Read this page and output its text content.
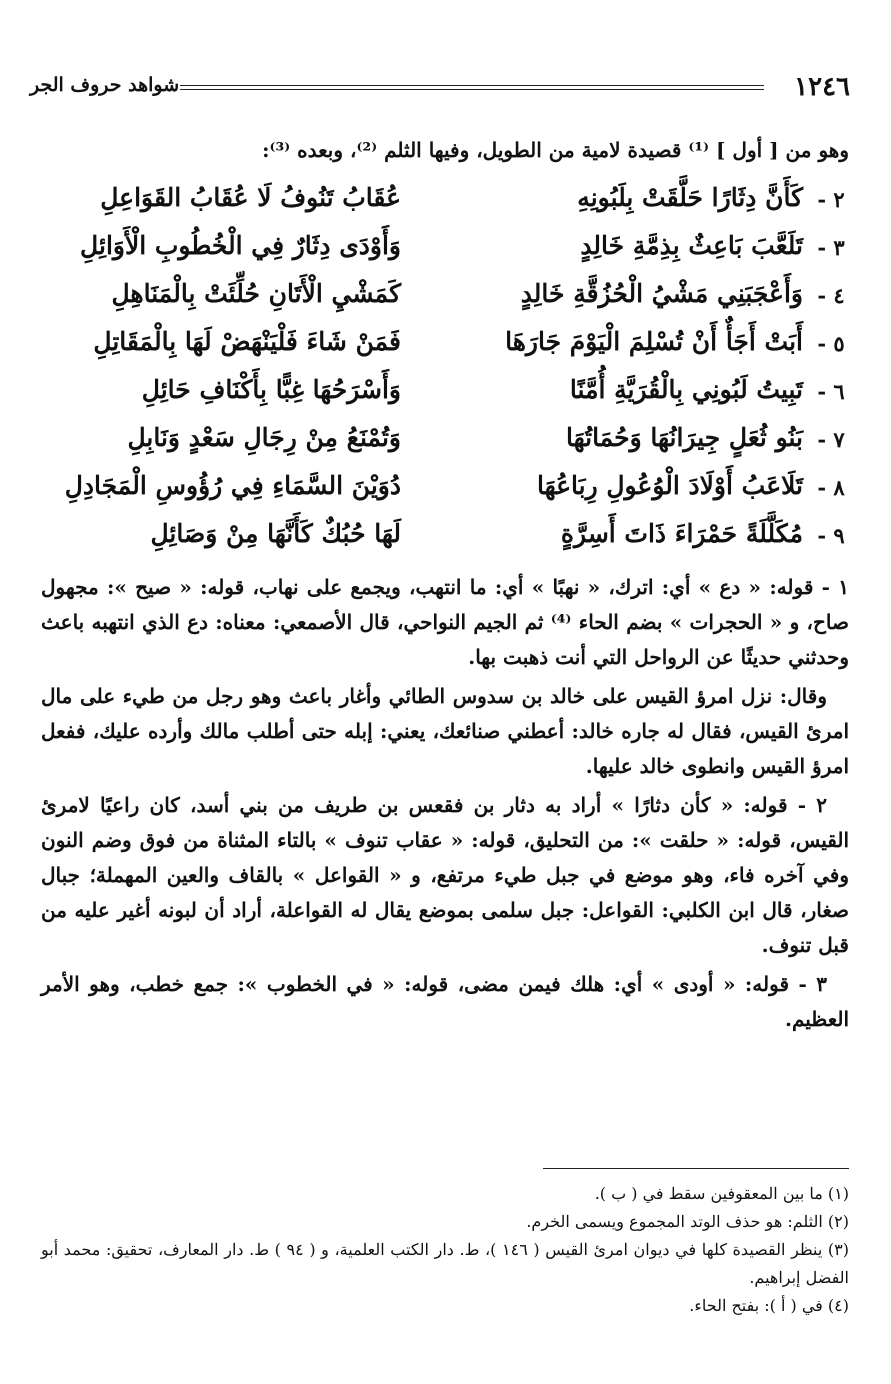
١٢٤٦
شواهد حروف الجر
وهو من [ أول ] ⁽¹⁾ قصيدة لامية من الطويل، وفيها الثلم ⁽²⁾، وبعده ⁽³⁾:
٢ -
كَأَنَّ دِثَارًا حَلَّقَتْ بِلَبُونِهِ
عُقَابُ تَنُوفُ لَا عُقَابُ القَوَاعِلِ
٣ -
تَلَعَّبَ بَاعِثٌ بِذِمَّةِ خَالِدٍ
وَأَوْدَى دِثَارٌ فِي الْخُطُوبِ الْأَوَائِلِ
٤ -
وَأَعْجَبَنِي مَشْيُ الْحُزُقَّةِ خَالِدٍ
كَمَشْيِ الْأَتَانِ حُلِّئَتْ بِالْمَنَاهِلِ
٥ -
أَبَتْ أَجَأٌ أَنْ تُسْلِمَ الْيَوْمَ جَارَهَا
فَمَنْ شَاءَ فَلْيَنْهَضْ لَهَا بِالْمَقَاتِلِ
٦ -
تَبِيتُ لَبُونِي بِالْقُرَيَّةِ أُمَّنًا
وَأَسْرَحُهَا غِبًّا بِأَكْنَافِ حَائِلِ
٧ -
بَنُو ثُعَلٍ جِيرَانُهَا وَحُمَاتُهَا
وَتُمْنَعُ مِنْ رِجَالِ سَعْدٍ وَنَابِلِ
٨ -
تَلَاعَبُ أَوْلَادَ الْوُعُولِ رِبَاعُهَا
دُوَيْنَ السَّمَاءِ فِي رُؤُوسِ الْمَجَادِلِ
٩ -
مُكَلَّلَةً حَمْرَاءَ ذَاتَ أَسِرَّةٍ
لَهَا حُبُكٌ كَأَنَّهَا مِنْ وَصَائِلِ

١ - قوله: « دع » أي: اترك، « نهبًا » أي: ما انتهب، ويجمع على نهاب، قوله: « صيح »: مجهول صاح، و « الحجرات » بضم الحاء ⁽⁴⁾ ثم الجيم النواحي، قال الأصمعي: معناه: دع الذي انتهبه باعث وحدثني حديثًا عن الرواحل التي أنت ذهبت بها.

وقال: نزل امرؤ القيس على خالد بن سدوس الطائي وأغار باعث وهو رجل من طيء على مال امرئ القيس، فقال له جاره خالد: أعطني صنائعك، يعني: إبله حتى أطلب مالك وأرده عليك، ففعل امرؤ القيس وانطوى خالد عليها.

٢ - قوله: « كأن دثارًا » أراد به دثار بن فقعس بن طريف من بني أسد، كان راعيًا لامرئ القيس، قوله: « حلقت »: من التحليق، قوله: « عقاب تنوف » بالتاء المثناة من فوق وضم النون وفي آخره فاء، وهو موضع في جبل طيء مرتفع، و « القواعل » بالقاف والعين المهملة؛ جبال صغار، قال ابن الكلبي: القواعل: جبل سلمى بموضع يقال له القواعلة، أراد أن لبونه أغير عليه من قبل تنوف.

٣ - قوله: « أودى » أي: هلك فيمن مضى، قوله: « في الخطوب »: جمع خطب، وهو الأمر العظيم.

(١) ما بين المعقوفين سقط في ( ب ).

(٢) الثلم: هو حذف الوتد المجموع ويسمى الخرم.

(٣) ينظر القصيدة كلها في ديوان امرئ القيس ( ١٤٦ )، ط. دار الكتب العلمية، و ( ٩٤ ) ط. دار المعارف، تحقيق: محمد أبو الفضل إبراهيم.

(٤) في ( أ ): بفتح الحاء.
